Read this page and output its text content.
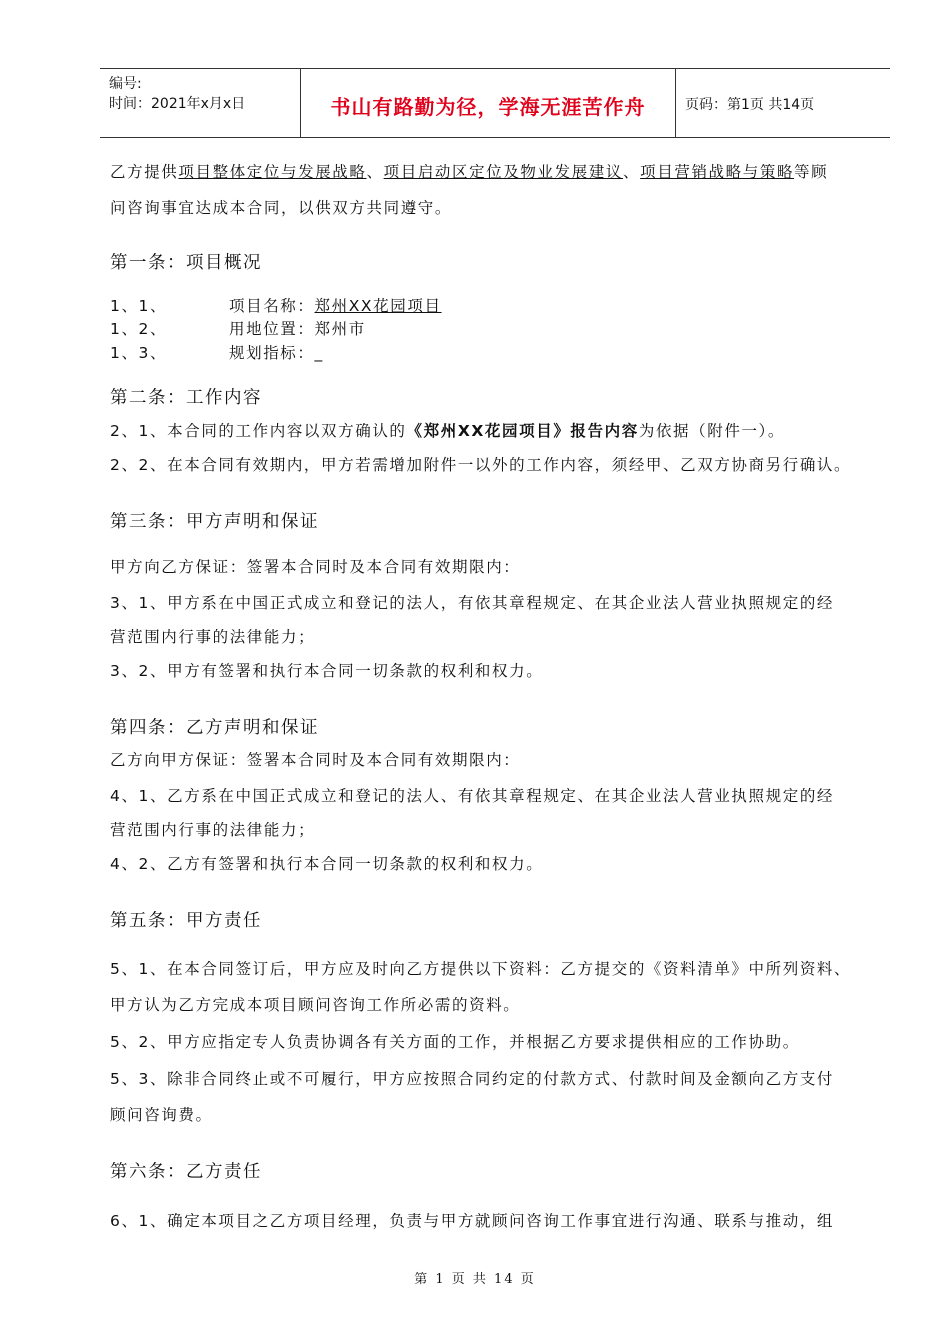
编号:
时间：2021年x月x日	书山有路勤为径，学海无涯苦作舟	页码：第1页 共14页
乙方提供项目整体定位与发展战略、项目启动区定位及物业发展建议、项目营销战略与策略等顾
问咨询事宜达成本合同，以供双方共同遵守。
第一条：项目概况
1、1、	项目名称：郑州XX花园项目
1、2、	用地位置：郑州市
1、3、	规划指标：_
第二条：工作内容
2、1、本合同的工作内容以双方确认的《郑州XX花园项目》报告内容为依据（附件一）。
2、2、在本合同有效期内，甲方若需增加附件一以外的工作内容，须经甲、乙双方协商另行确认。
第三条：甲方声明和保证
甲方向乙方保证：签署本合同时及本合同有效期限内：
3、1、甲方系在中国正式成立和登记的法人，有依其章程规定、在其企业法人营业执照规定的经
营范围内行事的法律能力；
3、2、甲方有签署和执行本合同一切条款的权利和权力。
第四条：乙方声明和保证
乙方向甲方保证：签署本合同时及本合同有效期限内：
4、1、乙方系在中国正式成立和登记的法人、有依其章程规定、在其企业法人营业执照规定的经
营范围内行事的法律能力；
4、2、乙方有签署和执行本合同一切条款的权利和权力。
第五条：甲方责任
5、1、在本合同签订后，甲方应及时向乙方提供以下资料：乙方提交的《资料清单》中所列资料、
甲方认为乙方完成本项目顾问咨询工作所必需的资料。
5、2、甲方应指定专人负责协调各有关方面的工作，并根据乙方要求提供相应的工作协助。
5、3、除非合同终止或不可履行，甲方应按照合同约定的付款方式、付款时间及金额向乙方支付
顾问咨询费。
第六条：乙方责任
6、1、确定本项目之乙方项目经理，负责与甲方就顾问咨询工作事宜进行沟通、联系与推动，组
第 1 页 共 14 页
